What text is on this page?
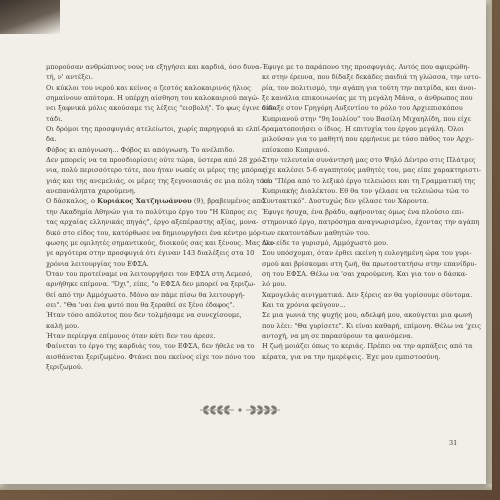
μπορούσαν ανθρώπινος νους να εξηγήσει και καρδιά, όσο δυνα-

τή, ν' αντέξει.

Οι κύκλοι του νερού και κείνος ο ζεστός καλοκαιρινός ήλιος

σημαίνουν απότομα. Η υπέρχη αίσθηση του καλοκαιριού παγώ-

νει ξαφνικά μόλις ακούσαμε τις λέξεις "εισβολή". Το φως έγινε σκο-

τάδι.

Οι δρόμοι της προσφυγιάς ατελείωτοι, χωρίς παρηγοριά κι ελπί-

δα.

Φόβος κι απόγνωση... Φόβος κι απόγνωση. Το ανέλπιδο.

Δεν μπορείς να τα προσδιορίσεις ούτε τώρα, ύστερα από 28 χρό-

νια, πολύ περισσότερο τότε, που ήταν νωπές οι μέρες της μπόρας

γιάς και της ανεμελιάς, οι μέρες της ξεγνοιασιάς σε μια πόλη τόσο

ανεπανάληπτα χαρούμενη.

Ο δάσκαλος, ο Κυριάκος Χατζηιωάννου (9), βραβευμένος από

την Ακαδημία Αθηνών για το πολύτιμο έργο του "Η Κύπρος εις

τας αρχαίας ελληνικάς πηγάς", έργο αξεπέραστης αξίας, μονα-

δικό στο είδος του, κατόρθωσε να δημιουργήσει ένα κέντρο μόρ-

φωσης με ομιλητές σημαντικούς, διοικούς σας και ξένους. Μας έλε-

γε αργότερα στην προσφυγιά ότι έγιναν 143 διαλέξεις στα 10

χρόνια λειτουργίας του ΕΦΣΑ.

Όταν του προτείναμε να λειτουργήσει τον ΕΦΣΑ στη Λεμεσό,

αρνήθηκε επίμονα. "Όχι", είπε, "ο ΕΦΣΑ δεν μπορεί να ξεριζω-

θεί από την Αμμόχωστο. Μόνο αν πάμε πίσω θα λειτουργή-

σει". "Θα 'ναι ένα φυτό που θα ξεραθεί σε ξένο έδαφος".

Ήταν τόσο απόλυτος που δεν τολμήσαμε να συνεχίσουμε,

καλή μου.

Ήταν περίεργα επίμονος όταν κάτι δεν του άρεσε.

Φαίνεται το έργο της καρδιάς του, τον ΕΦΣΑ, δεν ήθελε να το

αισθάνεται ξεριζωμένο. Φτάνει που εκείνος είχε τον πόνο του

ξεριζωμού.

Έφυγε με το παράπονο της προσφυγιάς. Αυτός που αφιερώθη-

κε στην έρευνα, που δίδαξε δεκάδες παιδιά τη γλώσσα, την ιστο-

ρία, τον πολιτισμό, την αγάπη για τούτη την πατρίδα, και άνοι-

ξε κανάλια επικοινωνίας με τη μεγάλη Μάνα, ο άνθρωπος που

δίδαξε στον Γρηγόρη Αυξεντίου το ρόλο του Αρχιεπισκόπου

Κυπριανού στην "9η Ιουλίου" του Βασίλη Μιχαηλίδη, που είχε

δραματοποιήσει ο ίδιος. Η επιτυχία του έργου μεγάλη. Όλοι

μιλούσαν για το μαθητή που ερμήνευε με τόσο πάθος τον Αρχι-

επίσκοπο Κυπριανό.

Στην τελευταία συνάντησή μας στο Ψηλό Δέντρο στις Πλάτρες

είχε καλέσει 5-6 αγαπητούς μαθητές του, μας είπε χαρακτηριστι-

κά: "Πέρα από το λεξικό έργο τελειώσει και τη Γραμματική της

Κυπριακής Διαλέκτου. Εθ θα τον γέλασε να τελειώσω τώα το

Συντακτικό". Δυστυχώς δεν γέλασε τον Χάροντα.

Έφυγε ήσυχα, ένα βράδυ, αφήνοντας όμως ένα πλούσιο επι-

στημονικό έργο, πατρόσημα αναγνωρισμένο, έχοντας την αγάπη

των εκατοντάδων μαθητών του.

Δεν είδε το γυρισμό, Αμμόχωστό μου.

Σου υπόσχομαι, όταν έρθει εκείνη η ευλογημένη ώρα του γυρι-

σμού και βρίσκομαι στη ζωή, θα πρωτοστατήσω στην επανίδρυ-

ση του ΕΦΣΑ. Θέλω να 'σαι χαρούμενη. Και για τον ο δάσκα-

λό μου.

Χαμογελάς αινιγματικά. Δεν ξέρεις αν θα γυρίσουμε σύντομα.

Και τα χρόνια φεύγουν...

Σε μια γωνιά της ψυχής μου, αδελφή μου, ακούγεται μια φωνή

που λέει: "Θα γυρίσετε". Κι είναι καθαρή, επίμονη. Θέλω να 'χεις

αντοχή, να μη σε παρασύρουν τα φαινόμενα.

Η ζωή μοιάζει όπως το κεριάς. Πρέπει να την αρπάξεις από τα

κέρατα, για να την ημερέψεις. Έχε μου εμπιστοσύνη.

31
